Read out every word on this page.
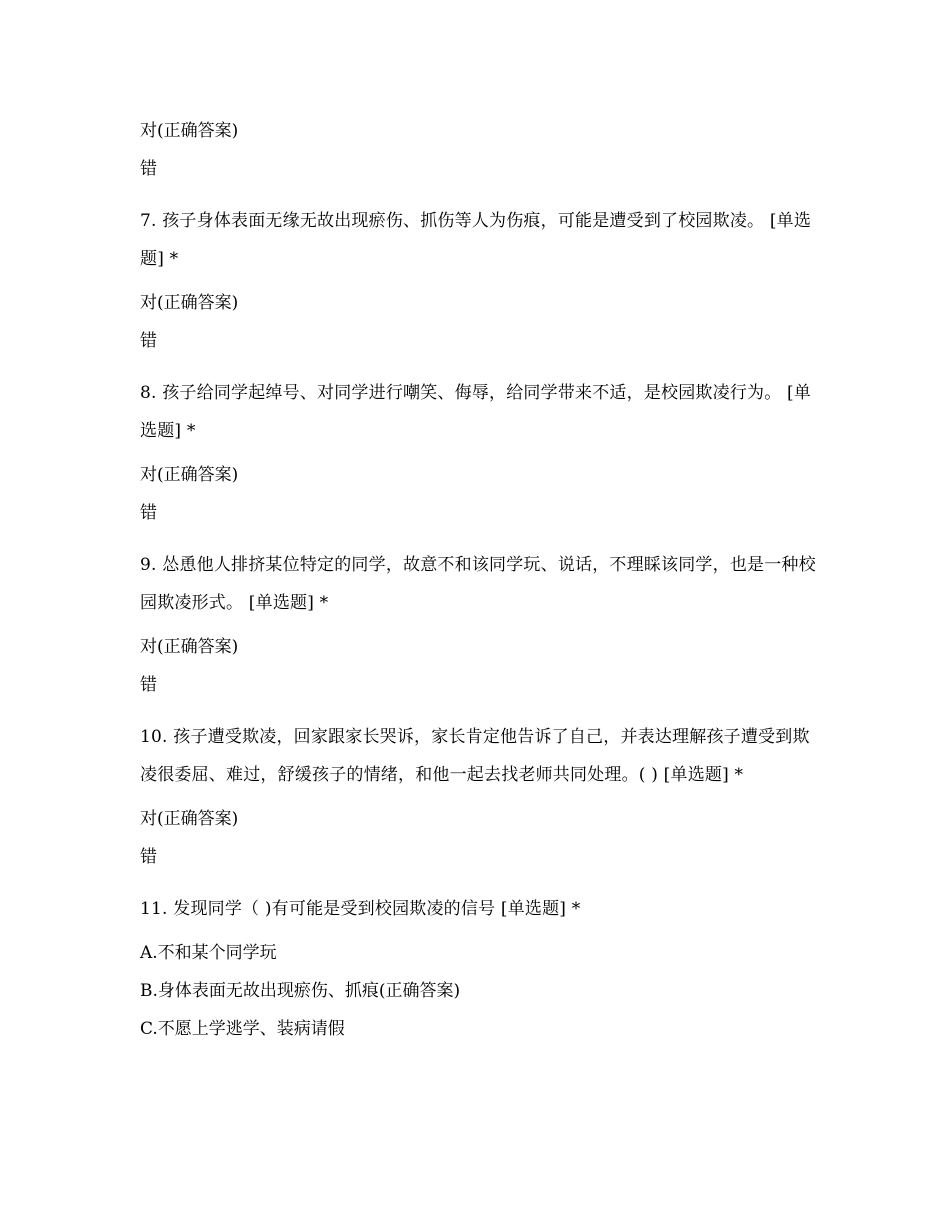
对(正确答案)
错

7. 孩子身体表面无缘无故出现瘀伤、抓伤等人为伤痕，可能是遭受到了校园欺凌。 [单选题] *

对(正确答案)
错

8. 孩子给同学起绰号、对同学进行嘲笑、侮辱，给同学带来不适，是校园欺凌行为。 [单选题] *

对(正确答案)
错

9. 怂恿他人排挤某位特定的同学，故意不和该同学玩、说话，不理睬该同学，也是一种校园欺凌形式。 [单选题] *

对(正确答案)
错

10. 孩子遭受欺凌，回家跟家长哭诉，家长肯定他告诉了自己，并表达理解孩子遭受到欺凌很委屈、难过，舒缓孩子的情绪，和他一起去找老师共同处理。( ) [单选题] *

对(正确答案)
错

11. 发现同学（ )有可能是受到校园欺凌的信号 [单选题] *

A.不和某个同学玩
B.身体表面无故出现瘀伤、抓痕(正确答案)
C.不愿上学逃学、装病请假
